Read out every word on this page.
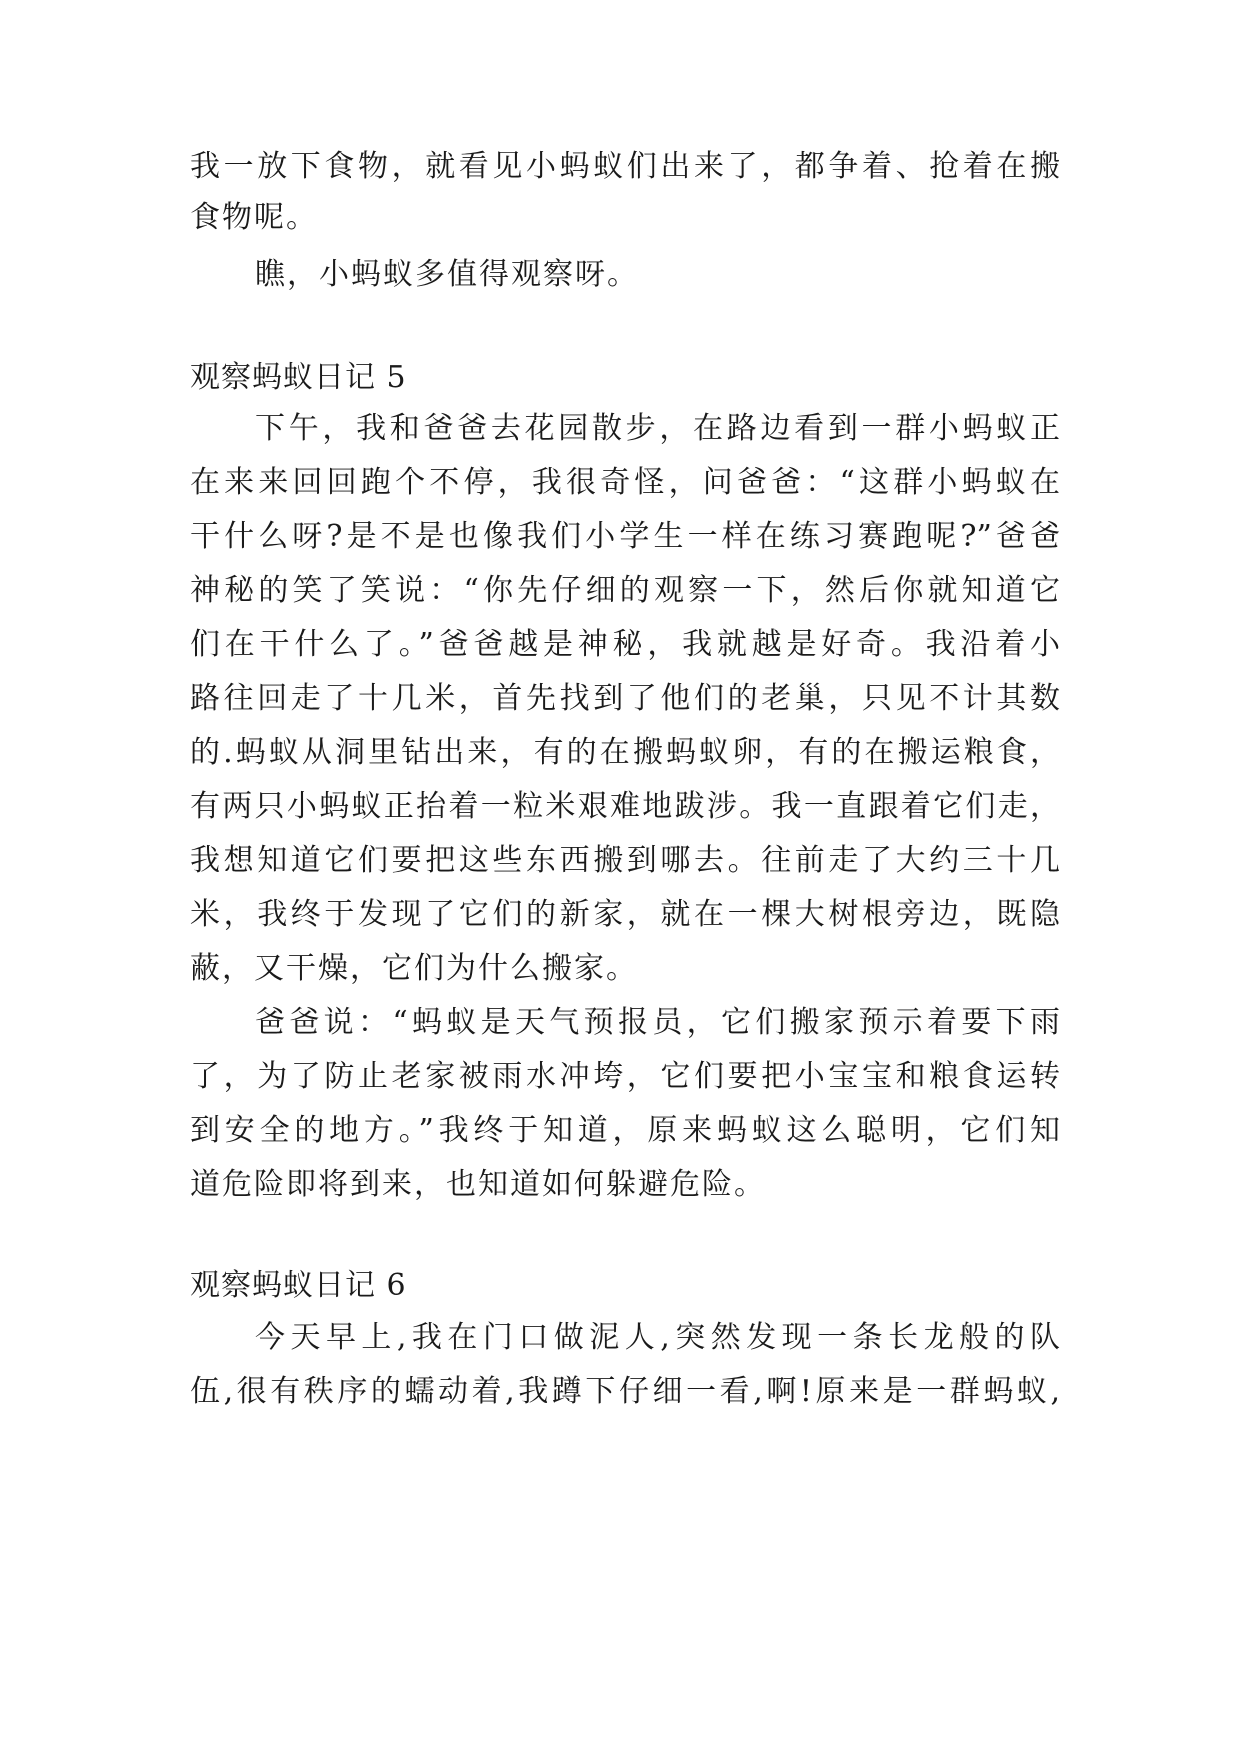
我一放下食物，就看见小蚂蚁们出来了，都争着、抢着在搬
食物呢。
瞧，小蚂蚁多值得观察呀。
观察蚂蚁日记 5
下午，我和爸爸去花园散步，在路边看到一群小蚂蚁正
在来来回回跑个不停，我很奇怪，问爸爸：“这群小蚂蚁在
干什么呀?是不是也像我们小学生一样在练习赛跑呢?”爸爸
神秘的笑了笑说：“你先仔细的观察一下，然后你就知道它
们在干什么了。”爸爸越是神秘，我就越是好奇。我沿着小
路往回走了十几米，首先找到了他们的老巢，只见不计其数
的.蚂蚁从洞里钻出来，有的在搬蚂蚁卵，有的在搬运粮食，
有两只小蚂蚁正抬着一粒米艰难地跋涉。我一直跟着它们走，
我想知道它们要把这些东西搬到哪去。往前走了大约三十几
米，我终于发现了它们的新家，就在一棵大树根旁边，既隐
蔽，又干燥，它们为什么搬家。
爸爸说：“蚂蚁是天气预报员，它们搬家预示着要下雨
了，为了防止老家被雨水冲垮，它们要把小宝宝和粮食运转
到安全的地方。”我终于知道，原来蚂蚁这么聪明，它们知
道危险即将到来，也知道如何躲避危险。
观察蚂蚁日记 6
今天早上,我在门口做泥人,突然发现一条长龙般的队
伍,很有秩序的蠕动着,我蹲下仔细一看,啊!原来是一群蚂蚁,
